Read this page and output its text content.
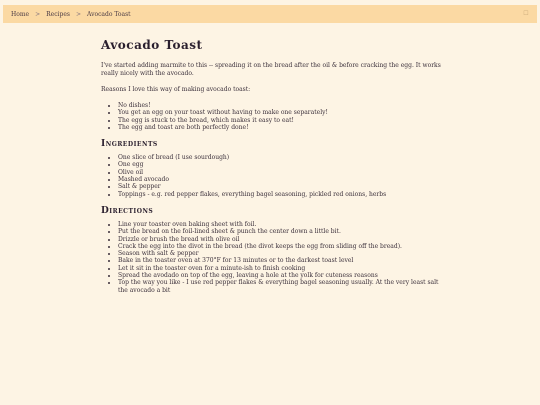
Home > Recipes > Avocado Toast	☐
Avocado Toast

I've started adding marmite to this -- spreading it on the bread after the oil & before cracking the egg. It works really nicely with the avocado.

Reasons I love this way of making avocado toast:

• No dishes!
• You get an egg on your toast without having to make one separately!
• The egg is stuck to the bread, which makes it easy to eat!
• The egg and toast are both perfectly done!
Ingredients
• One slice of bread (I use sourdough)
• One egg
• Olive oil
• Mashed avocado
• Salt & pepper
• Toppings - e.g. red pepper flakes, everything bagel seasoning, pickled red onions, herbs
Directions
• Line your toaster oven baking sheet with foil.
• Put the bread on the foil-lined sheet & punch the center down a little bit.
• Drizzle or brush the bread with olive oil
• Crack the egg into the divot in the bread (the divot keeps the egg from sliding off the bread).
• Season with salt & pepper
• Bake in the toaster oven at 370°F for 13 minutes or to the darkest toast level
• Let it sit in the toaster oven for a minute-ish to finish cooking
• Spread the avodado on top of the egg, leaving a hole at the yolk for cuteness reasons
• Top the way you like - I use red pepper flakes & everything bagel seasoning usually. At the very least salt the avocado a bit
